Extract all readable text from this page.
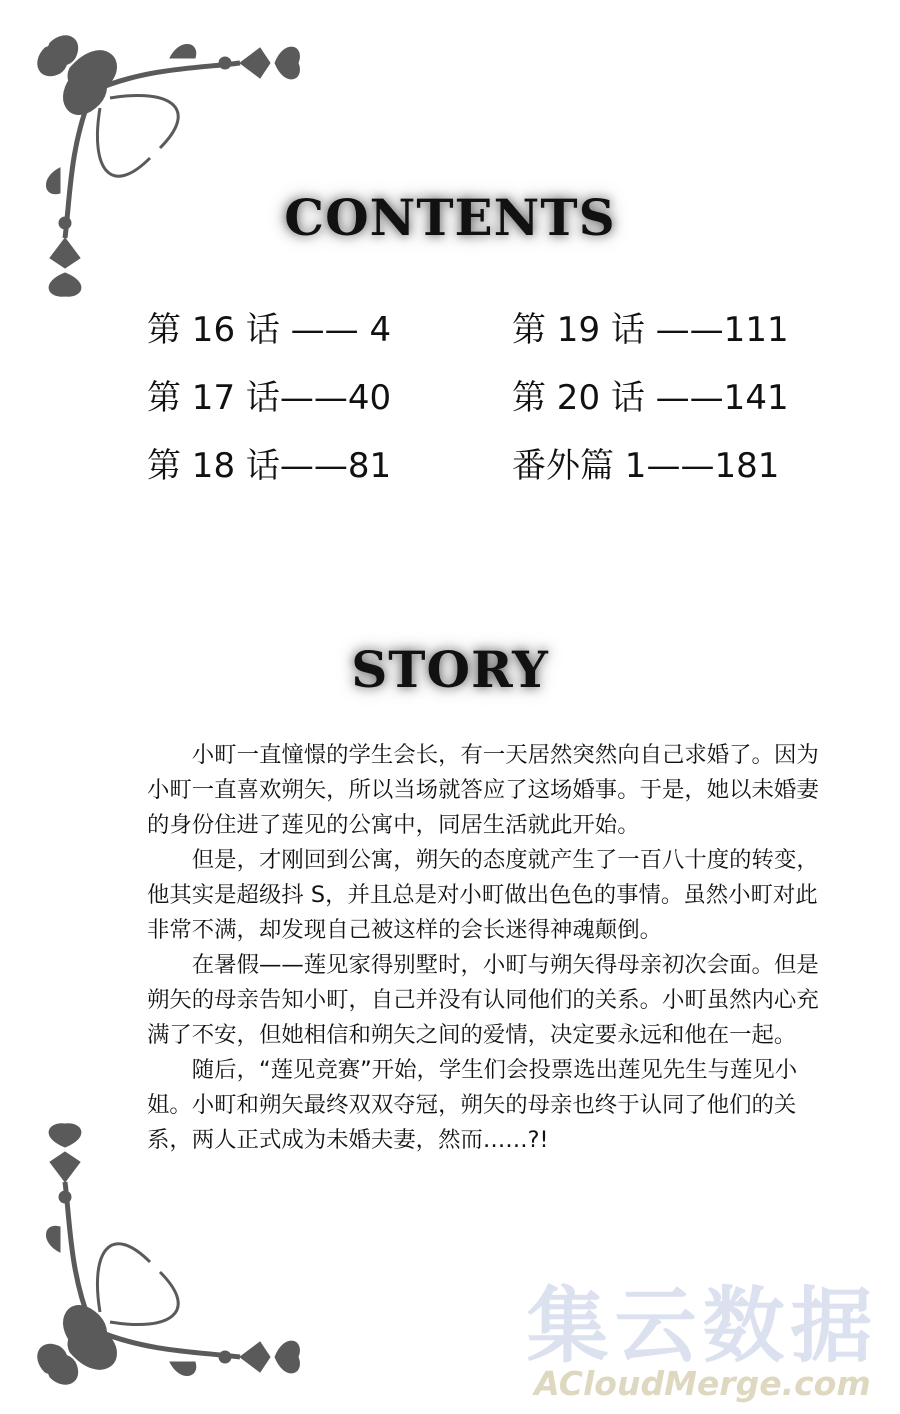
CONTENTS
第 16 话 —— 4
第 17 话——40
第 18 话——81
第 19 话 ——111
第 20 话 ——141
番外篇 1——181
STORY

小町一直憧憬的学生会长，有一天居然突然向自己求婚了。因为小町一直喜欢朔矢，所以当场就答应了这场婚事。于是，她以未婚妻的身份住进了莲见的公寓中，同居生活就此开始。

但是，才刚回到公寓，朔矢的态度就产生了一百八十度的转变，他其实是超级抖 S，并且总是对小町做出色色的事情。虽然小町对此非常不满，却发现自己被这样的会长迷得神魂颠倒。

在暑假——莲见家得别墅时，小町与朔矢得母亲初次会面。但是朔矢的母亲告知小町，自己并没有认同他们的关系。小町虽然内心充满了不安，但她相信和朔矢之间的爱情，决定要永远和他在一起。

随后，“莲见竞赛”开始，学生们会投票选出莲见先生与莲见小姐。小町和朔矢最终双双夺冠，朔矢的母亲也终于认同了他们的关系，两人正式成为未婚夫妻，然而……?!

集云数据
ACloudMerge.com
